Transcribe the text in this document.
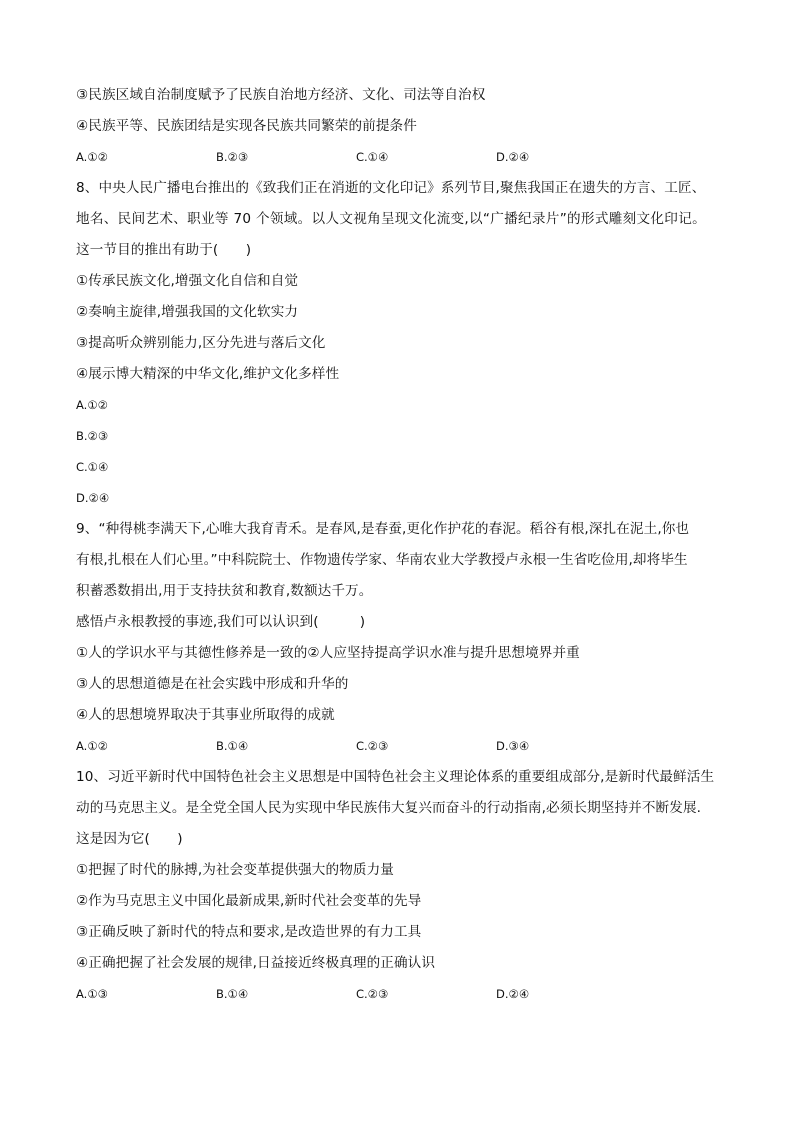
③民族区域自治制度赋予了民族自治地方经济、文化、司法等自治权
④民族平等、民族团结是实现各民族共同繁荣的前提条件
A.①②	B.②③	C.①④	D.②④
8、中央人民广播电台推出的《致我们正在消逝的文化印记》系列节目,聚焦我国正在遗失的方言、工匠、
地名、民间艺术、职业等 70 个领域。以人文视角呈现文化流变,以“广播纪录片”的形式雕刻文化印记。
这一节目的推出有助于(　　)
①传承民族文化,增强文化自信和自觉
②奏响主旋律,增强我国的文化软实力
③提高听众辨别能力,区分先进与落后文化
④展示博大精深的中华文化,维护文化多样性
A.①②
B.②③
C.①④
D.②④
9、“种得桃李满天下,心唯大我育青禾。是春风,是春蚕,更化作护花的春泥。稻谷有根,深扎在泥土,你也
有根,扎根在人们心里。”中科院院士、作物遗传学家、华南农业大学教授卢永根一生省吃俭用,却将毕生
积蓄悉数捐出,用于支持扶贫和教育,数额达千万。
感悟卢永根教授的事迹,我们可以认识到(　　　)
①人的学识水平与其德性修养是一致的②人应坚持提高学识水准与提升思想境界并重
③人的思想道德是在社会实践中形成和升华的
④人的思想境界取决于其事业所取得的成就
A.①②	B.①④	C.②③	D.③④
10、习近平新时代中国特色社会主义思想是中国特色社会主义理论体系的重要组成部分,是新时代最鲜活生
动的马克思主义。是全党全国人民为实现中华民族伟大复兴而奋斗的行动指南,必须长期坚持并不断发展.
这是因为它(　　)
①把握了时代的脉搏,为社会变革提供强大的物质力量
②作为马克思主义中国化最新成果,新时代社会变革的先导
③正确反映了新时代的特点和要求,是改造世界的有力工具
④正确把握了社会发展的规律,日益接近终极真理的正确认识
A.①③	B.①④	C.②③	D.②④
